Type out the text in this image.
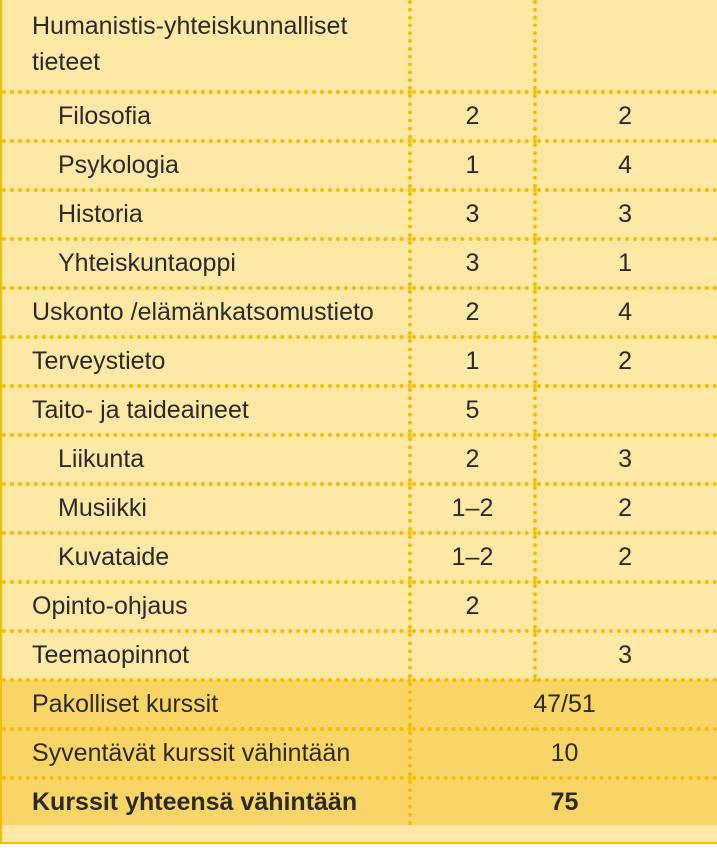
Humanistis-yhteiskunnalliset tieteet		
Filosofia	2	2
Psykologia	1	4
Historia	3	3
Yhteiskuntaoppi	3	1
Uskonto /elämänkatsomustieto	2	4
Terveystieto	1	2
Taito- ja taideaineet	5	
Liikunta	2	3
Musiikki	1–2	2
Kuvataide	1–2	2
Opinto-ohjaus	2	
Teemaopinnot		3
Pakolliset kurssit	47/51	
Syventävät kurssit vähintään	10	
Kurssit yhteensä vähintään	75	
